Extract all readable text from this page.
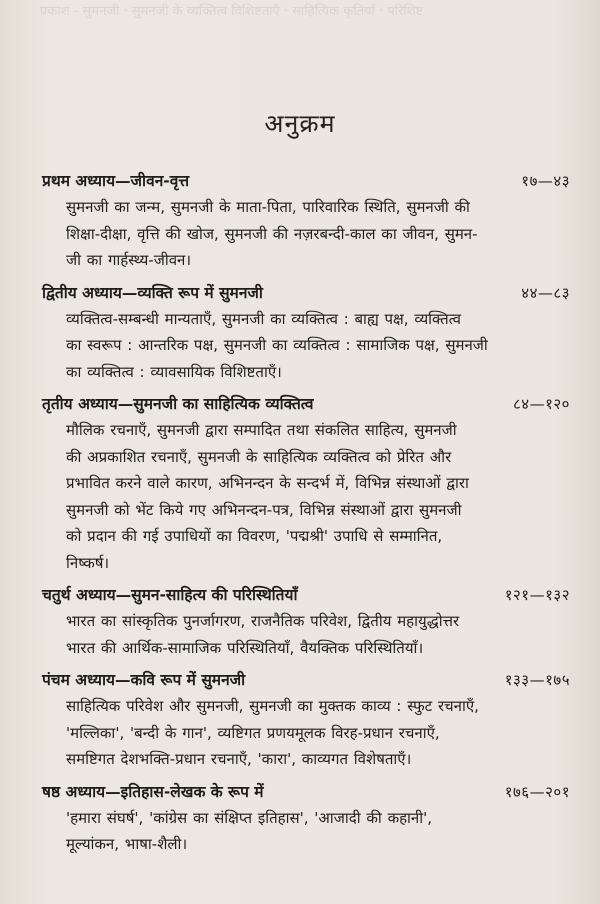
प्रकाश - सुमनजी · सुमनजी के व्यक्तित्व विशिष्टताएँ · साहित्यिक कृतियाँ · परिशिष्ट
अनुक्रम
प्रथम अध्याय—जीवन-वृत्त	१७—४३
सुमनजी का जन्म, सुमनजी के माता-पिता, पारिवारिक स्थिति, सुमनजी की
शिक्षा-दीक्षा, वृत्ति की खोज, सुमनजी की नज़रबन्दी-काल का जीवन, सुमन-
जी का गार्हस्थ्य-जीवन।
द्वितीय अध्याय—व्यक्ति रूप में सुमनजी	४४—८३
व्यक्तित्व-सम्बन्धी मान्यताएँ, सुमनजी का व्यक्तित्व : बाह्य पक्ष, व्यक्तित्व
का स्वरूप : आन्तरिक पक्ष, सुमनजी का व्यक्तित्व : सामाजिक पक्ष, सुमनजी
का व्यक्तित्व : व्यावसायिक विशिष्टताएँ।
तृतीय अध्याय—सुमनजी का साहित्यिक व्यक्तित्व	८४—१२०
मौलिक रचनाएँ, सुमनजी द्वारा सम्पादित तथा संकलित साहित्य, सुमनजी
की अप्रकाशित रचनाएँ, सुमनजी के साहित्यिक व्यक्तित्व को प्रेरित और
प्रभावित करने वाले कारण, अभिनन्दन के सन्दर्भ में, विभिन्न संस्थाओं द्वारा
सुमनजी को भेंट किये गए अभिनन्दन-पत्र, विभिन्न संस्थाओं द्वारा सुमनजी
को प्रदान की गई उपाधियों का विवरण, 'पद्मश्री' उपाधि से सम्मानित,
निष्कर्ष।
चतुर्थ अध्याय—सुमन-साहित्य की परिस्थितियाँ	१२१—१३२
भारत का सांस्कृतिक पुनर्जागरण, राजनैतिक परिवेश, द्वितीय महायुद्धोत्तर
भारत की आर्थिक-सामाजिक परिस्थितियाँ, वैयक्तिक परिस्थितियाँ।
पंचम अध्याय—कवि रूप में सुमनजी	१३३—१७५
साहित्यिक परिवेश और सुमनजी, सुमनजी का मुक्तक काव्य : स्फुट रचनाएँ,
'मल्लिका', 'बन्दी के गान', व्यष्टिगत प्रणयमूलक विरह-प्रधान रचनाएँ,
समष्टिगत देशभक्ति-प्रधान रचनाएँ, 'कारा', काव्यगत विशेषताएँ।
षष्ठ अध्याय—इतिहास-लेखक के रूप में	१७६—२०१
'हमारा संघर्ष', 'कांग्रेस का संक्षिप्त इतिहास', 'आजादी की कहानी',
मूल्यांकन, भाषा-शैली।
